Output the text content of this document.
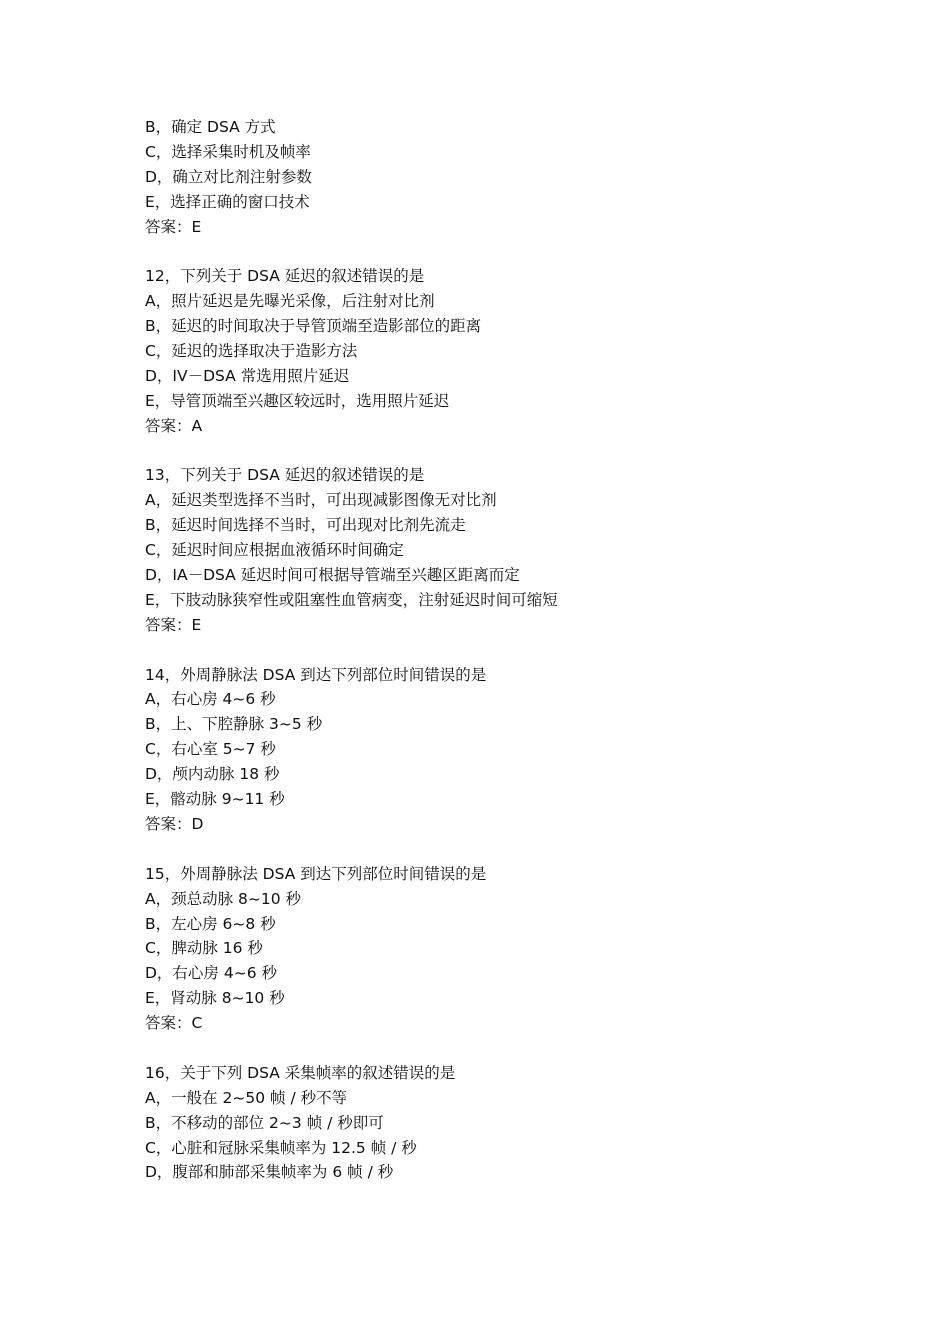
B，确定 DSA 方式
C，选择采集时机及帧率
D，确立对比剂注射参数
E，选择正确的窗口技术
答案：E
12，下列关于 DSA 延迟的叙述错误的是
A，照片延迟是先曝光采像，后注射对比剂
B，延迟的时间取决于导管顶端至造影部位的距离
C，延迟的选择取决于造影方法
D，IV－DSA 常选用照片延迟
E，导管顶端至兴趣区较远时，选用照片延迟
答案：A
13，下列关于 DSA 延迟的叙述错误的是
A，延迟类型选择不当时，可出现减影图像无对比剂
B，延迟时间选择不当时，可出现对比剂先流走
C，延迟时间应根据血液循环时间确定
D，IA－DSA 延迟时间可根据导管端至兴趣区距离而定
E，下肢动脉狭窄性或阻塞性血管病变，注射延迟时间可缩短
答案：E
14，外周静脉法 DSA 到达下列部位时间错误的是
A，右心房 4~6 秒
B，上、下腔静脉 3~5 秒
C，右心室 5~7 秒
D，颅内动脉 18 秒
E，髂动脉 9~11 秒
答案：D
15，外周静脉法 DSA 到达下列部位时间错误的是
A，颈总动脉 8~10 秒
B，左心房 6~8 秒
C，脾动脉 16 秒
D，右心房 4~6 秒
E，肾动脉 8~10 秒
答案：C
16，关于下列 DSA 采集帧率的叙述错误的是
A，一般在 2~50 帧 / 秒不等
B，不移动的部位 2~3 帧 / 秒即可
C，心脏和冠脉采集帧率为 12.5 帧 / 秒
D，腹部和肺部采集帧率为 6 帧 / 秒
